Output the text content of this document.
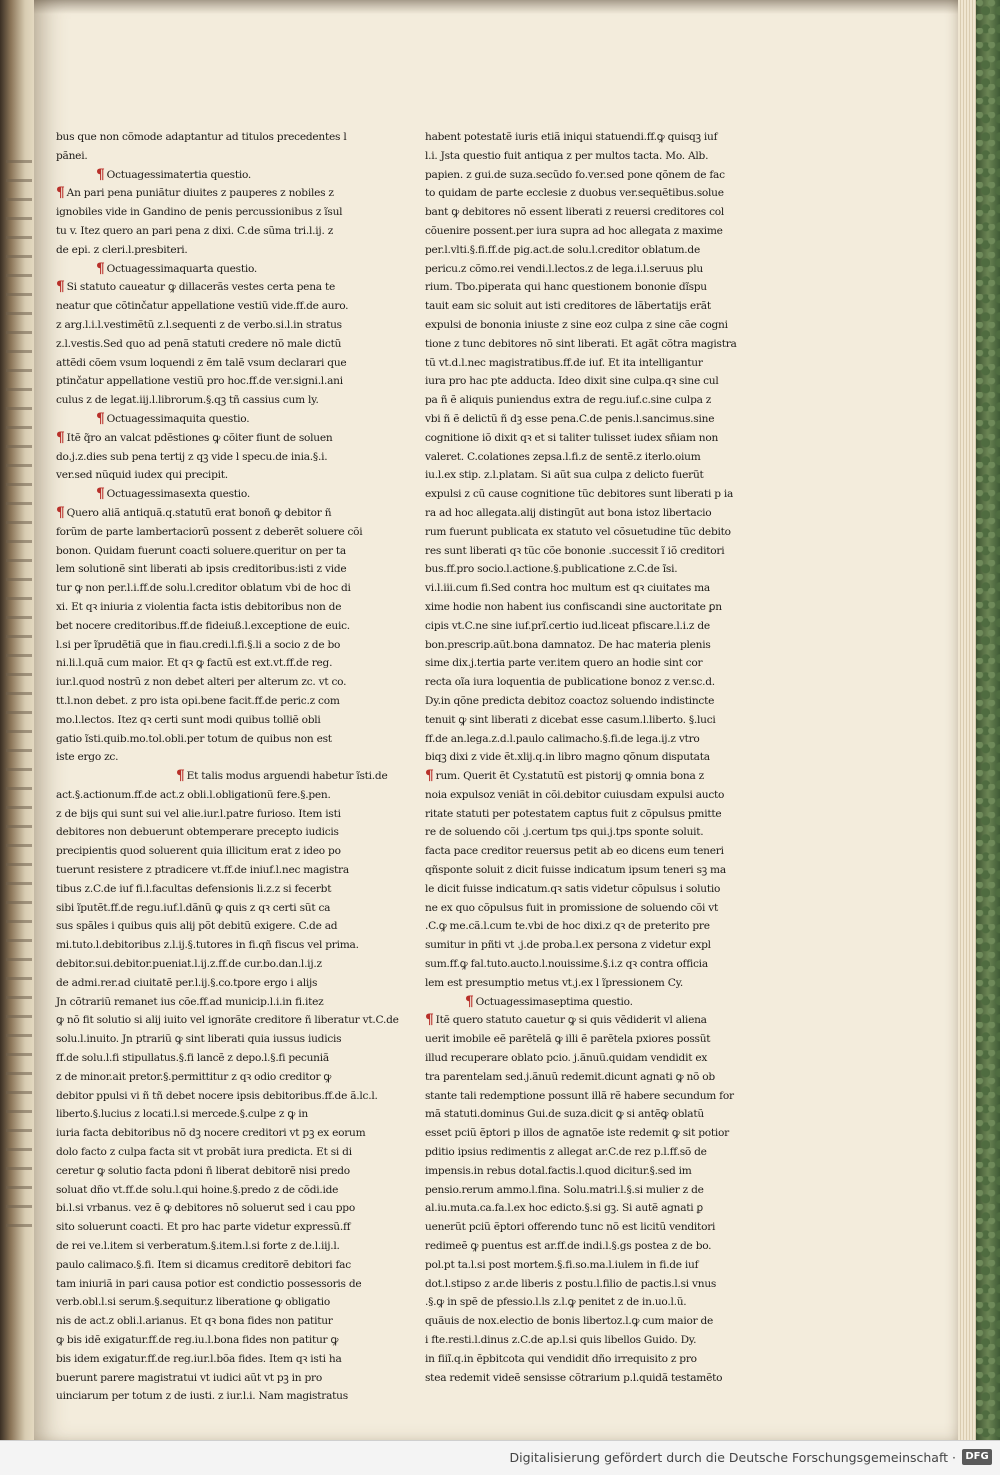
bus que non cõmode adaptantur ad titulos precedentes l
pãnei.
¶ Octuagessimatertia questio.
¶ An pari pena puniãtur diuites z pauperes z nobiles z
ignobiles vide in Gandino de penis percussionibus z ĩsul
tu v. Itez quero an pari pena z dixi. C.de sũma tri.l.ij. z
de epi. z cleri.l.presbiteri.
¶ Octuagessimaquarta questio.
¶ Si statuto caueatur ꝙ dillacerãs vestes certa pena te
neatur que cõtinčatur appellatione vestiũ vide.ff.de auro.
z arg.l.i.l.vestimẽtũ z.l.sequenti z de verbo.si.l.in stratus
z.l.vestis.Sed quo ad penã statuti credere nõ male dictũ
attẽdi cõem vsum loquendi z ẽm talẽ vsum declarari que
ptinčatur appellatione vestiũ pro hoc.ff.de ver.signi.l.ani
culus z de legat.iij.l.librorum.§.qꝫ tñ cassius cum ly.
¶ Octuagessimaquita questio.
¶ Itẽ q̃ro an valcat pdẽstiones ꝙ cõiter fiunt de soluen
do.j.z.dies sub pena tertij z qꝫ vide l specu.de inia.§.i.
ver.sed nũquid iudex qui precipit.
¶ Octuagessimasexta questio.
¶ Quero aliã antiquã.q.statutũ erat bonoñ ꝙ debitor ñ
forũm de parte lambertaciorũ possent z deberẽt soluere cõi
bonon. Quidam fuerunt coacti soluere.queritur on per ta
lem solutionẽ sint liberati ab ipsis creditoribus:isti z vide
tur ꝙ non per.l.i.ff.de solu.l.creditor oblatum vbi de hoc di
xi. Et qꝛ iniuria z violentia facta istis debitoribus non de
bet nocere creditoribus.ff.de fideiuß.l.exceptione de euic.
l.si per ĩprudẽtiã que in fiau.credi.l.fi.§.li a socio z de bo
ni.li.l.quã cum maior. Et qꝛ ꝙ factũ est ext.vt.ff.de reg.
iur.l.quod nostrũ z non debet alteri per alterum zc. vt co.
tt.l.non debet. z pro ista opi.bene facit.ff.de peric.z com
mo.l.lectos. Itez qꝛ certi sunt modi quibus tolliẽ obli
gatio ĩsti.quib.mo.tol.obli.per totum de quibus non est
iste ergo zc.
¶ Et talis modus arguendi habetur ĩsti.de
act.§.actionum.ff.de act.z obli.l.obligationũ fere.§.pen.
z de bijs qui sunt sui vel alie.iur.l.patre furioso. Item isti
debitores non debuerunt obtemperare precepto iudicis
precipientis quod soluerent quia illicitum erat z ideo po
tuerunt resistere z ptradicere vt.ff.de iniuf.l.nec magistra
tibus z.C.de iuf fi.l.facultas defensionis li.z.z si fecerbt
sibi ĩputẽt.ff.de regu.iuf.l.dãnũ ꝙ quis z qꝛ certi sũt ca
sus spãles i quibus quis alij põt debitũ exigere. C.de ad
mi.tuto.l.debitoribus z.l.ij.§.tutores in fi.qñ fiscus vel prima.
debitor.sui.debitor.pueniat.l.ij.z.ff.de cur.bo.dan.l.ij.z
de admi.rer.ad ciuitatẽ per.l.ij.§.co.tpore ergo i alijs
Jn cõtrariũ remanet ius cõe.ff.ad municip.l.i.in fi.itez
ꝙ nõ fit solutio si alij iuito vel ignorãte creditore ñ liberatur vt.C.de
solu.l.inuito. Jn ptrariũ ꝙ sint liberati quia iussus iudicis
ff.de solu.l.fi stipullatus.§.fi lancẽ z depo.l.§.fi pecuniã
z de minor.ait pretor.§.permittitur z qꝛ odio creditor ꝙ
debitor ppulsi vi ñ tñ debet nocere ipsis debitoribus.ff.de ã.lc.l.
liberto.§.lucius z locati.l.si mercede.§.culpe z ꝙ in
iuria facta debitoribus nõ dꝫ nocere creditori vt pꝫ ex eorum
dolo facto z culpa facta sit vt probãt iura predicta. Et si di
ceretur ꝙ solutio facta pdoni ñ liberat debitorẽ nisi predo
soluat dño vt.ff.de solu.l.qui hoine.§.predo z de cõdi.ide
bi.l.si vrbanus. vez ẽ ꝙ debitores nõ soluerut sed i cau ppo
sito soluerunt coacti. Et pro hac parte videtur expressũ.ff
de rei ve.l.item si verberatum.§.item.l.si forte z de.l.iij.l.
paulo calimaco.§.fi. Item si dicamus creditorẽ debitori fac
tam iniuriã in pari causa potior est condictio possessoris de
verb.obl.l.si serum.§.sequitur.z liberatione ꝙ obligatio
nis de act.z obli.l.arianus. Et qꝛ bona fides non patitur
ꝙ bis idẽ exigatur.ff.de reg.iu.l.bona fides non patitur ꝙ
bis idem exigatur.ff.de reg.iur.l.bõa fides. Item qꝛ isti ha
buerunt parere magistratui vt iudici aũt vt pꝫ in pro
uinciarum per totum z de iusti. z iur.l.i. Nam magistratus
habent potestatẽ iuris etiã iniqui statuendi.ff.ꝙ quisqꝫ iuf
l.i. Jsta questio fuit antiqua z per multos tacta. Mo. Alb.
papien. z gui.de suza.secũdo fo.ver.sed pone qõnem de fac
to quidam de parte ecclesie z duobus ver.sequẽtibus.solue
bant ꝙ debitores nõ essent liberati z reuersi creditores col
cõuenire possent.per iura supra ad hoc allegata z maxime
per.l.vlti.§.fi.ff.de pig.act.de solu.l.creditor oblatum.de
pericu.z cõmo.rei vendi.l.lectos.z de lega.i.l.seruus plu
rium. Tbo.piperata qui hanc questionem bononie dĩspu
tauit eam sic soluit aut isti creditores de lãbertatijs erãt
expulsi de bononia iniuste z sine eoz culpa z sine cãe cogni
tione z tunc debitores nõ sint liberati. Et agãt cõtra magistra
tũ vt.d.l.nec magistratibus.ff.de iuf. Et ita intelligantur
iura pro hac pte adducta. Ideo dixit sine culpa.qꝛ sine cul
pa ñ ẽ aliquis puniendus extra de regu.iuf.c.sine culpa z
vbi ñ ẽ delictũ ñ dꝫ esse pena.C.de penis.l.sancimus.sine
cognitione iõ dixit qꝛ et si taliter tulisset iudex sñiam non
valeret. C.colationes zepsa.l.fi.z de sentẽ.z iterlo.oium
iu.l.ex stip. z.l.platam. Si aũt sua culpa z delicto fuerũt
expulsi z cũ cause cognitione tũc debitores sunt liberati p ia
ra ad hoc allegata.alij distingũt aut bona istoz libertacio
rum fuerunt publicata ex statuto vel cõsuetudine tũc debito
res sunt liberati qꝛ tũc cõe bononie .successit ĩ iõ creditori
bus.ff.pro socio.l.actione.§.publicatione z.C.de ĩsi.
vi.l.iii.cum fi.Sed contra hoc multum est qꝛ ciuitates ma
xime hodie non habent ius confiscandi sine auctoritate ꝑn
cipis vt.C.ne sine iuf.prĩ.certio iud.liceat pfiscare.l.i.z de
bon.prescrip.aũt.bona damnatoz. De hac materia plenis
sime dix.j.tertia parte ver.item quero an hodie sint cor
recta oĩa iura loquentia de publicatione bonoz z ver.sc.d.
Dy.in qõne predicta debitoz coactoz soluendo indistincte
tenuit ꝙ sint liberati z dicebat esse casum.l.liberto. §.luci
ff.de an.lega.z.d.l.paulo calimacho.§.fi.de lega.ij.z vtro
biqꝫ dixi z vide ẽt.xlij.q.in libro magno qõnum disputata
¶ rum. Querit ẽt Cy.statutũ est pistorij ꝙ omnia bona z
noia expulsoz veniãt in cõi.debitor cuiusdam expulsi aucto
ritate statuti per potestatem captus fuit z cõpulsus pmitte
re de soluendo cõi .j.certum tps qui.j.tps sponte soluit.
facta pace creditor reuersus petit ab eo dicens eum teneri
qñsponte soluit z dicit fuisse indicatum ipsum teneri sꝫ ma
le dicit fuisse indicatum.qꝛ satis videtur cõpulsus i solutio
ne ex quo cõpulsus fuit in promissione de soluendo cõi vt
.C.ꝙ me.cã.l.cum te.vbi de hoc dixi.z qꝛ de preterito pre
sumitur in pñti vt .j.de proba.l.ex persona z videtur expl
sum.ff.ꝙ fal.tuto.aucto.l.nouissime.§.i.z qꝛ contra officia
lem est presumptio metus vt.j.ex l ĩpressionem Cy.
¶ Octuagessimaseptima questio.
¶ Itẽ quero statuto cauetur ꝙ si quis vẽdiderit vl aliena
uerit imobile eẽ parẽtelã ꝙ illi ẽ parẽtela pxiores possũt
illud recuperare oblato pcio. j.ãnuũ.quidam vendidit ex
tra parentelam sed.j.ãnuũ redemit.dicunt agnati ꝙ nõ ob
stante tali redemptione possunt illã rẽ habere secundum for
mã statuti.dominus Gui.de suza.dicit ꝙ si antẽꝙ oblatũ
esset pciũ ẽptori p illos de agnatõe iste redemit ꝙ sit potior
pditio ipsius redimentis z allegat ar.C.de rez p.l.ff.sõ de
impensis.in rebus dotal.factis.l.quod dicitur.§.sed im
pensio.rerum ammo.l.fina. Solu.matri.l.§.si mulier z de
al.iu.muta.ca.fa.l.ex hoc edicto.§.si gꝫ. Si autẽ agnati ꝑ
uenerũt pciũ ẽptori offerendo tunc nõ est licitũ venditori
redimeẽ ꝙ puentus est ar.ff.de indi.l.§.gs postea z de bo.
pol.pt ta.l.si post mortem.§.fi.so.ma.l.iulem in fi.de iuf
dot.l.stipso z ar.de liberis z postu.l.filio de pactis.l.si vnus
.§.ꝙ in spẽ de pfessio.l.ls z.l.ꝙ penitet z de in.uo.l.ũ.
quãuis de nox.electio de bonis libertoz.l.ꝙ cum maior de
i fte.resti.l.dinus z.C.de ap.l.si quis libellos Guido. Dy.
in fiiĩ.q.in ẽpbitcota qui vendidit dño irrequisito z pro
stea redemit videẽ sensisse cõtrarium p.l.quidã testamẽto
Digitalisierung gefördert durch die Deutsche Forschungsgemeinschaft · DFG
